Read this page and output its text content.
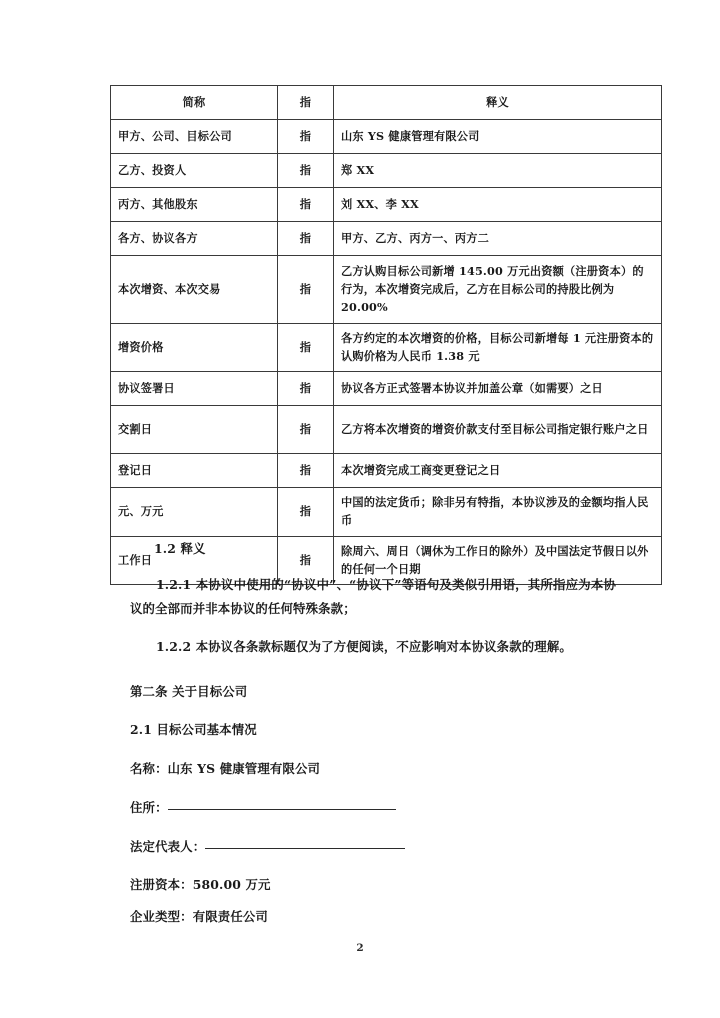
简称	指	释义
甲方、公司、目标公司	指	山东 YS 健康管理有限公司
乙方、投资人	指	郑 XX
丙方、其他股东	指	刘 XX、李 XX
各方、协议各方	指	甲方、乙方、丙方一、丙方二
本次增资、本次交易	指	乙方认购目标公司新增 145.00 万元出资额（注册资本）的行为，本次增资完成后，乙方在目标公司的持股比例为 20.00%
增资价格	指	各方约定的本次增资的价格，目标公司新增每 1 元注册资本的认购价格为人民币 1.38 元
协议签署日	指	协议各方正式签署本协议并加盖公章（如需要）之日
交割日	指	乙方将本次增资的增资价款支付至目标公司指定银行账户之日
登记日	指	本次增资完成工商变更登记之日
元、万元	指	中国的法定货币；除非另有特指，本协议涉及的金额均指人民币
工作日	指	除周六、周日（调休为工作日的除外）及中国法定节假日以外的任何一个日期
1.2 释义
1.2.1 本协议中使用的“协议中”、“协议下”等语句及类似引用语，其所指应为本协议的全部而并非本协议的任何特殊条款；
1.2.2 本协议各条款标题仅为了方便阅读，不应影响对本协议条款的理解。
第二条 关于目标公司
2.1 目标公司基本情况
名称：山东 YS 健康管理有限公司
住所：
法定代表人：
注册资本：580.00 万元
企业类型：有限责任公司
2
